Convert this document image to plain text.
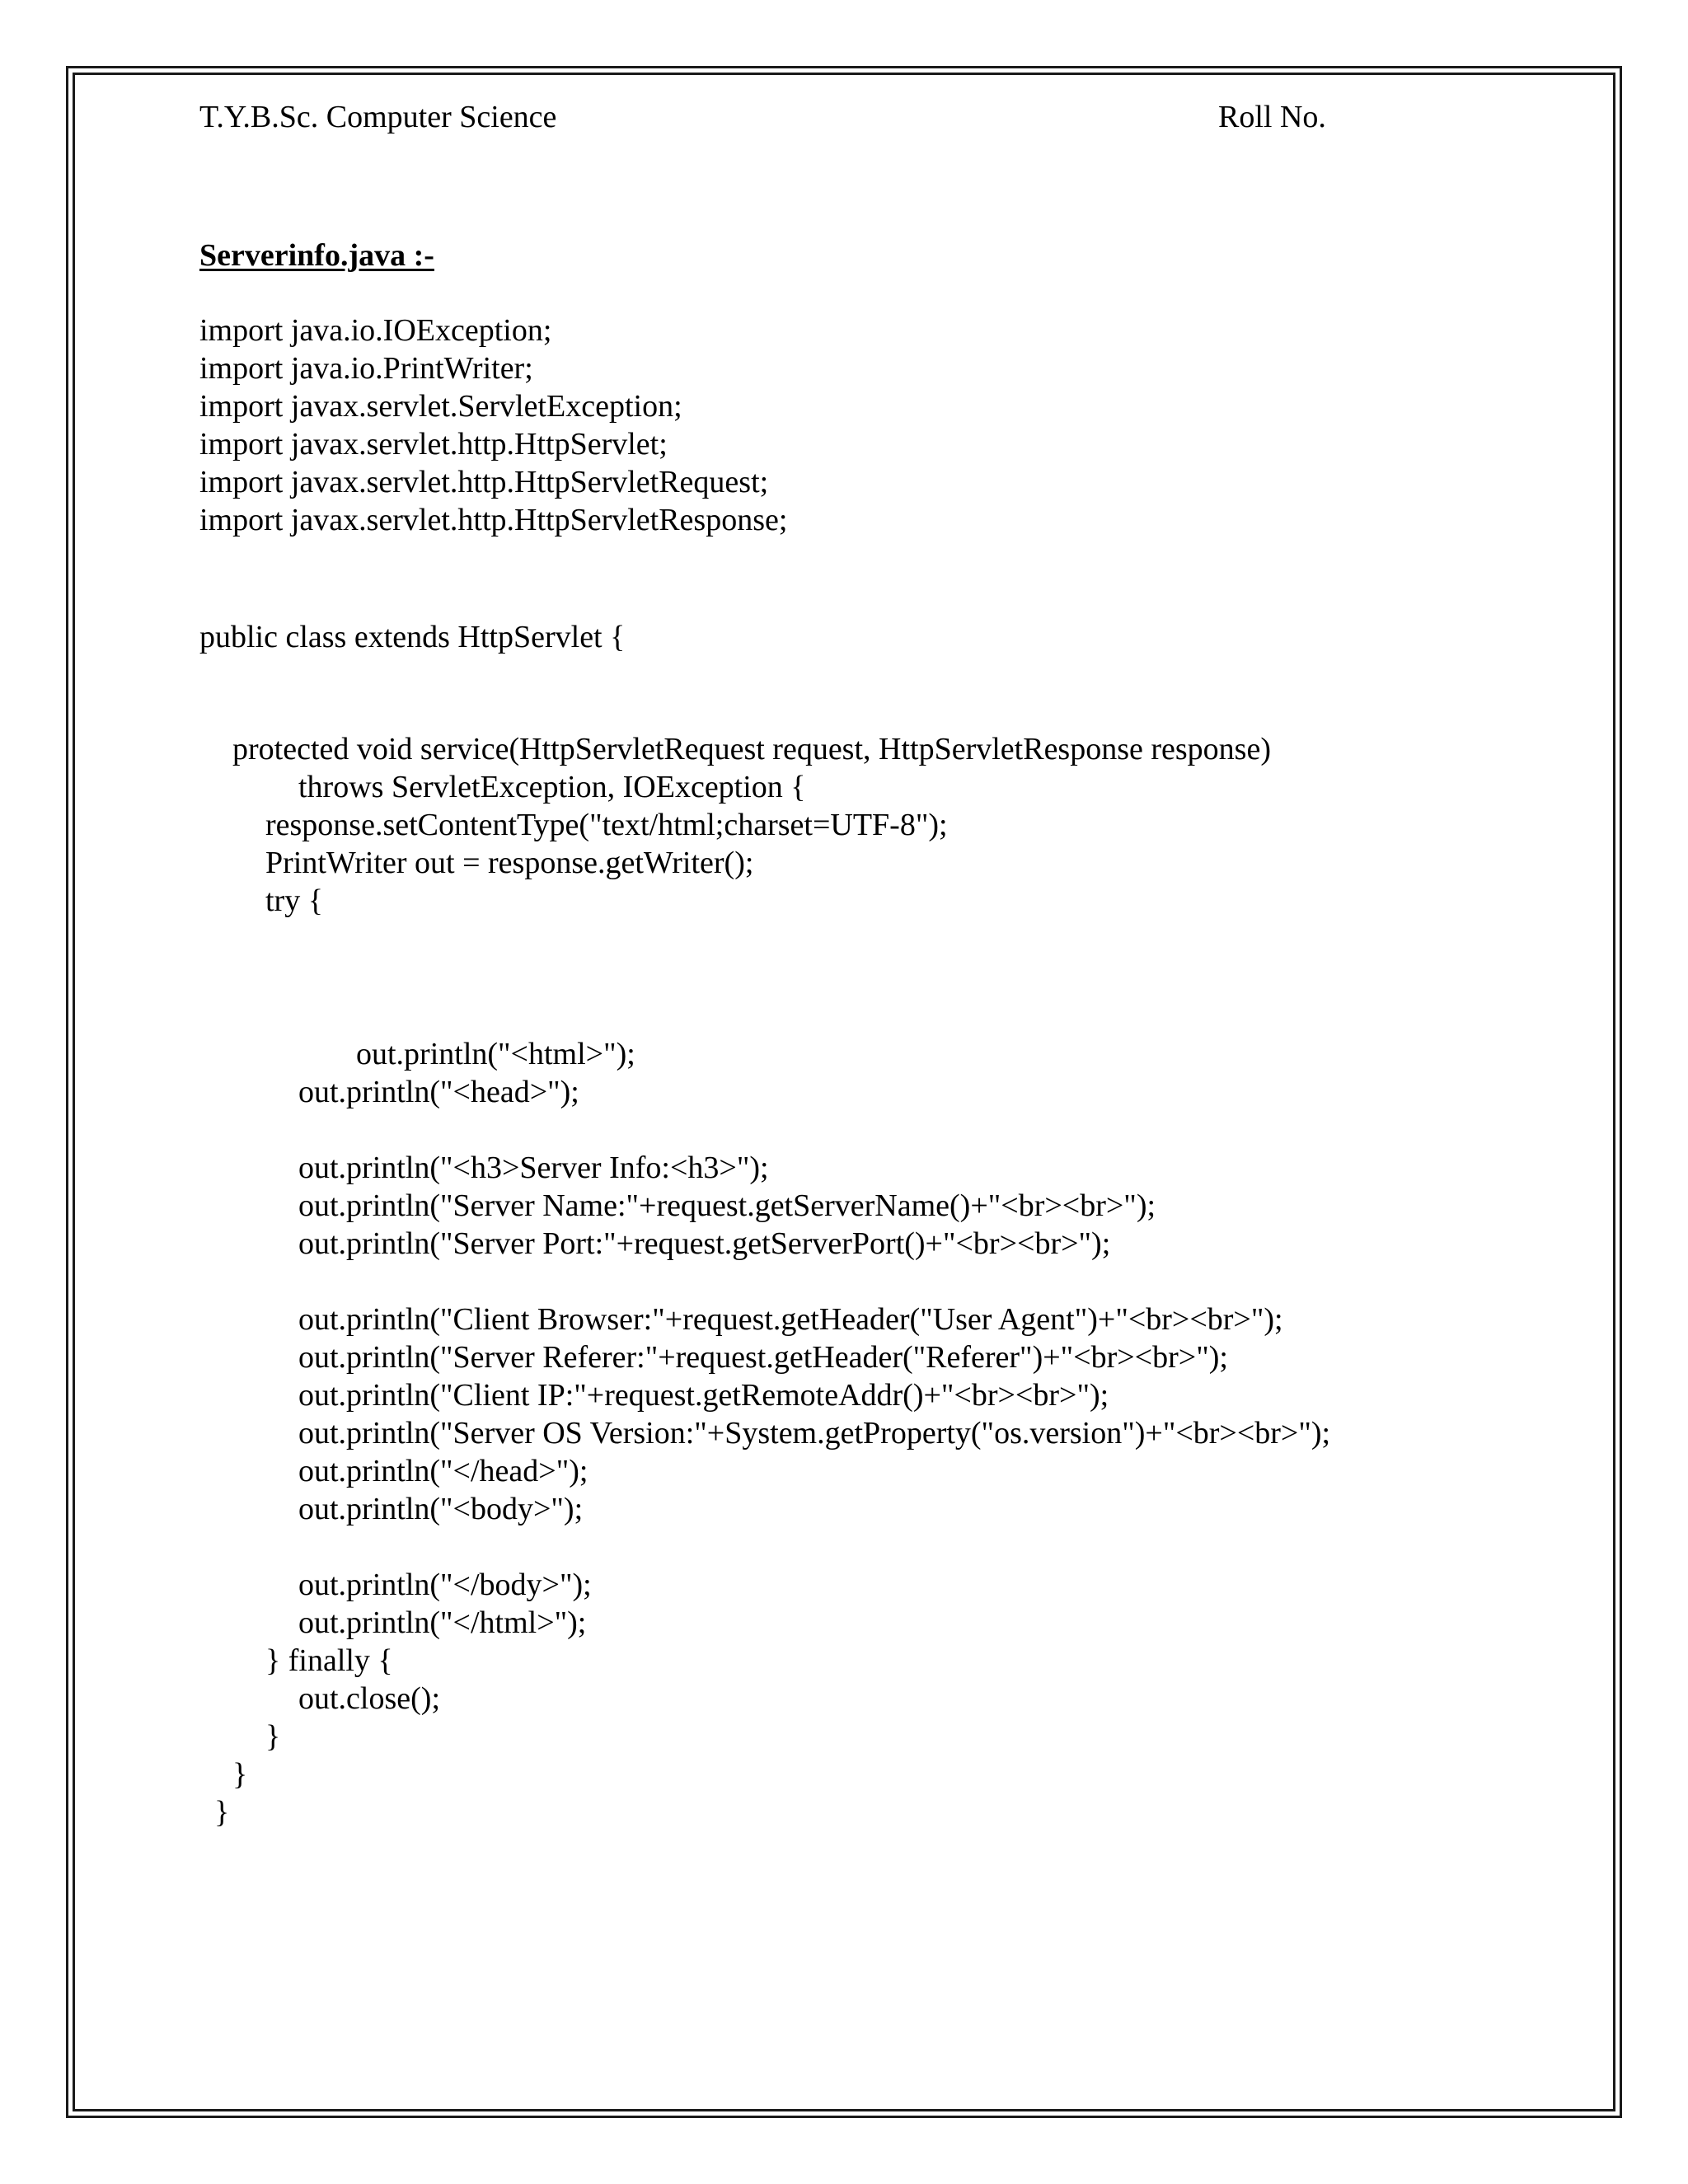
T.Y.B.Sc. Computer Science	Roll No.
Serverinfo.java :-
import java.io.IOException;
import java.io.PrintWriter;
import javax.servlet.ServletException;
import javax.servlet.http.HttpServlet;
import javax.servlet.http.HttpServletRequest;
import javax.servlet.http.HttpServletResponse;
public class extends HttpServlet {
protected void service(HttpServletRequest request, HttpServletResponse response)
throws ServletException, IOException {
response.setContentType("text/html;charset=UTF-8");
PrintWriter out = response.getWriter();
try {
out.println("<html>");
out.println("<head>");
out.println("<h3>Server Info:<h3>");
out.println("Server Name:"+request.getServerName()+"<br><br>");
out.println("Server Port:"+request.getServerPort()+"<br><br>");
out.println("Client Browser:"+request.getHeader("User Agent")+"<br><br>");
out.println("Server Referer:"+request.getHeader("Referer")+"<br><br>");
out.println("Client IP:"+request.getRemoteAddr()+"<br><br>");
out.println("Server OS Version:"+System.getProperty("os.version")+"<br><br>");
out.println("</head>");
out.println("<body>");
out.println("</body>");
out.println("</html>");
} finally {
out.close();
}
}
}
